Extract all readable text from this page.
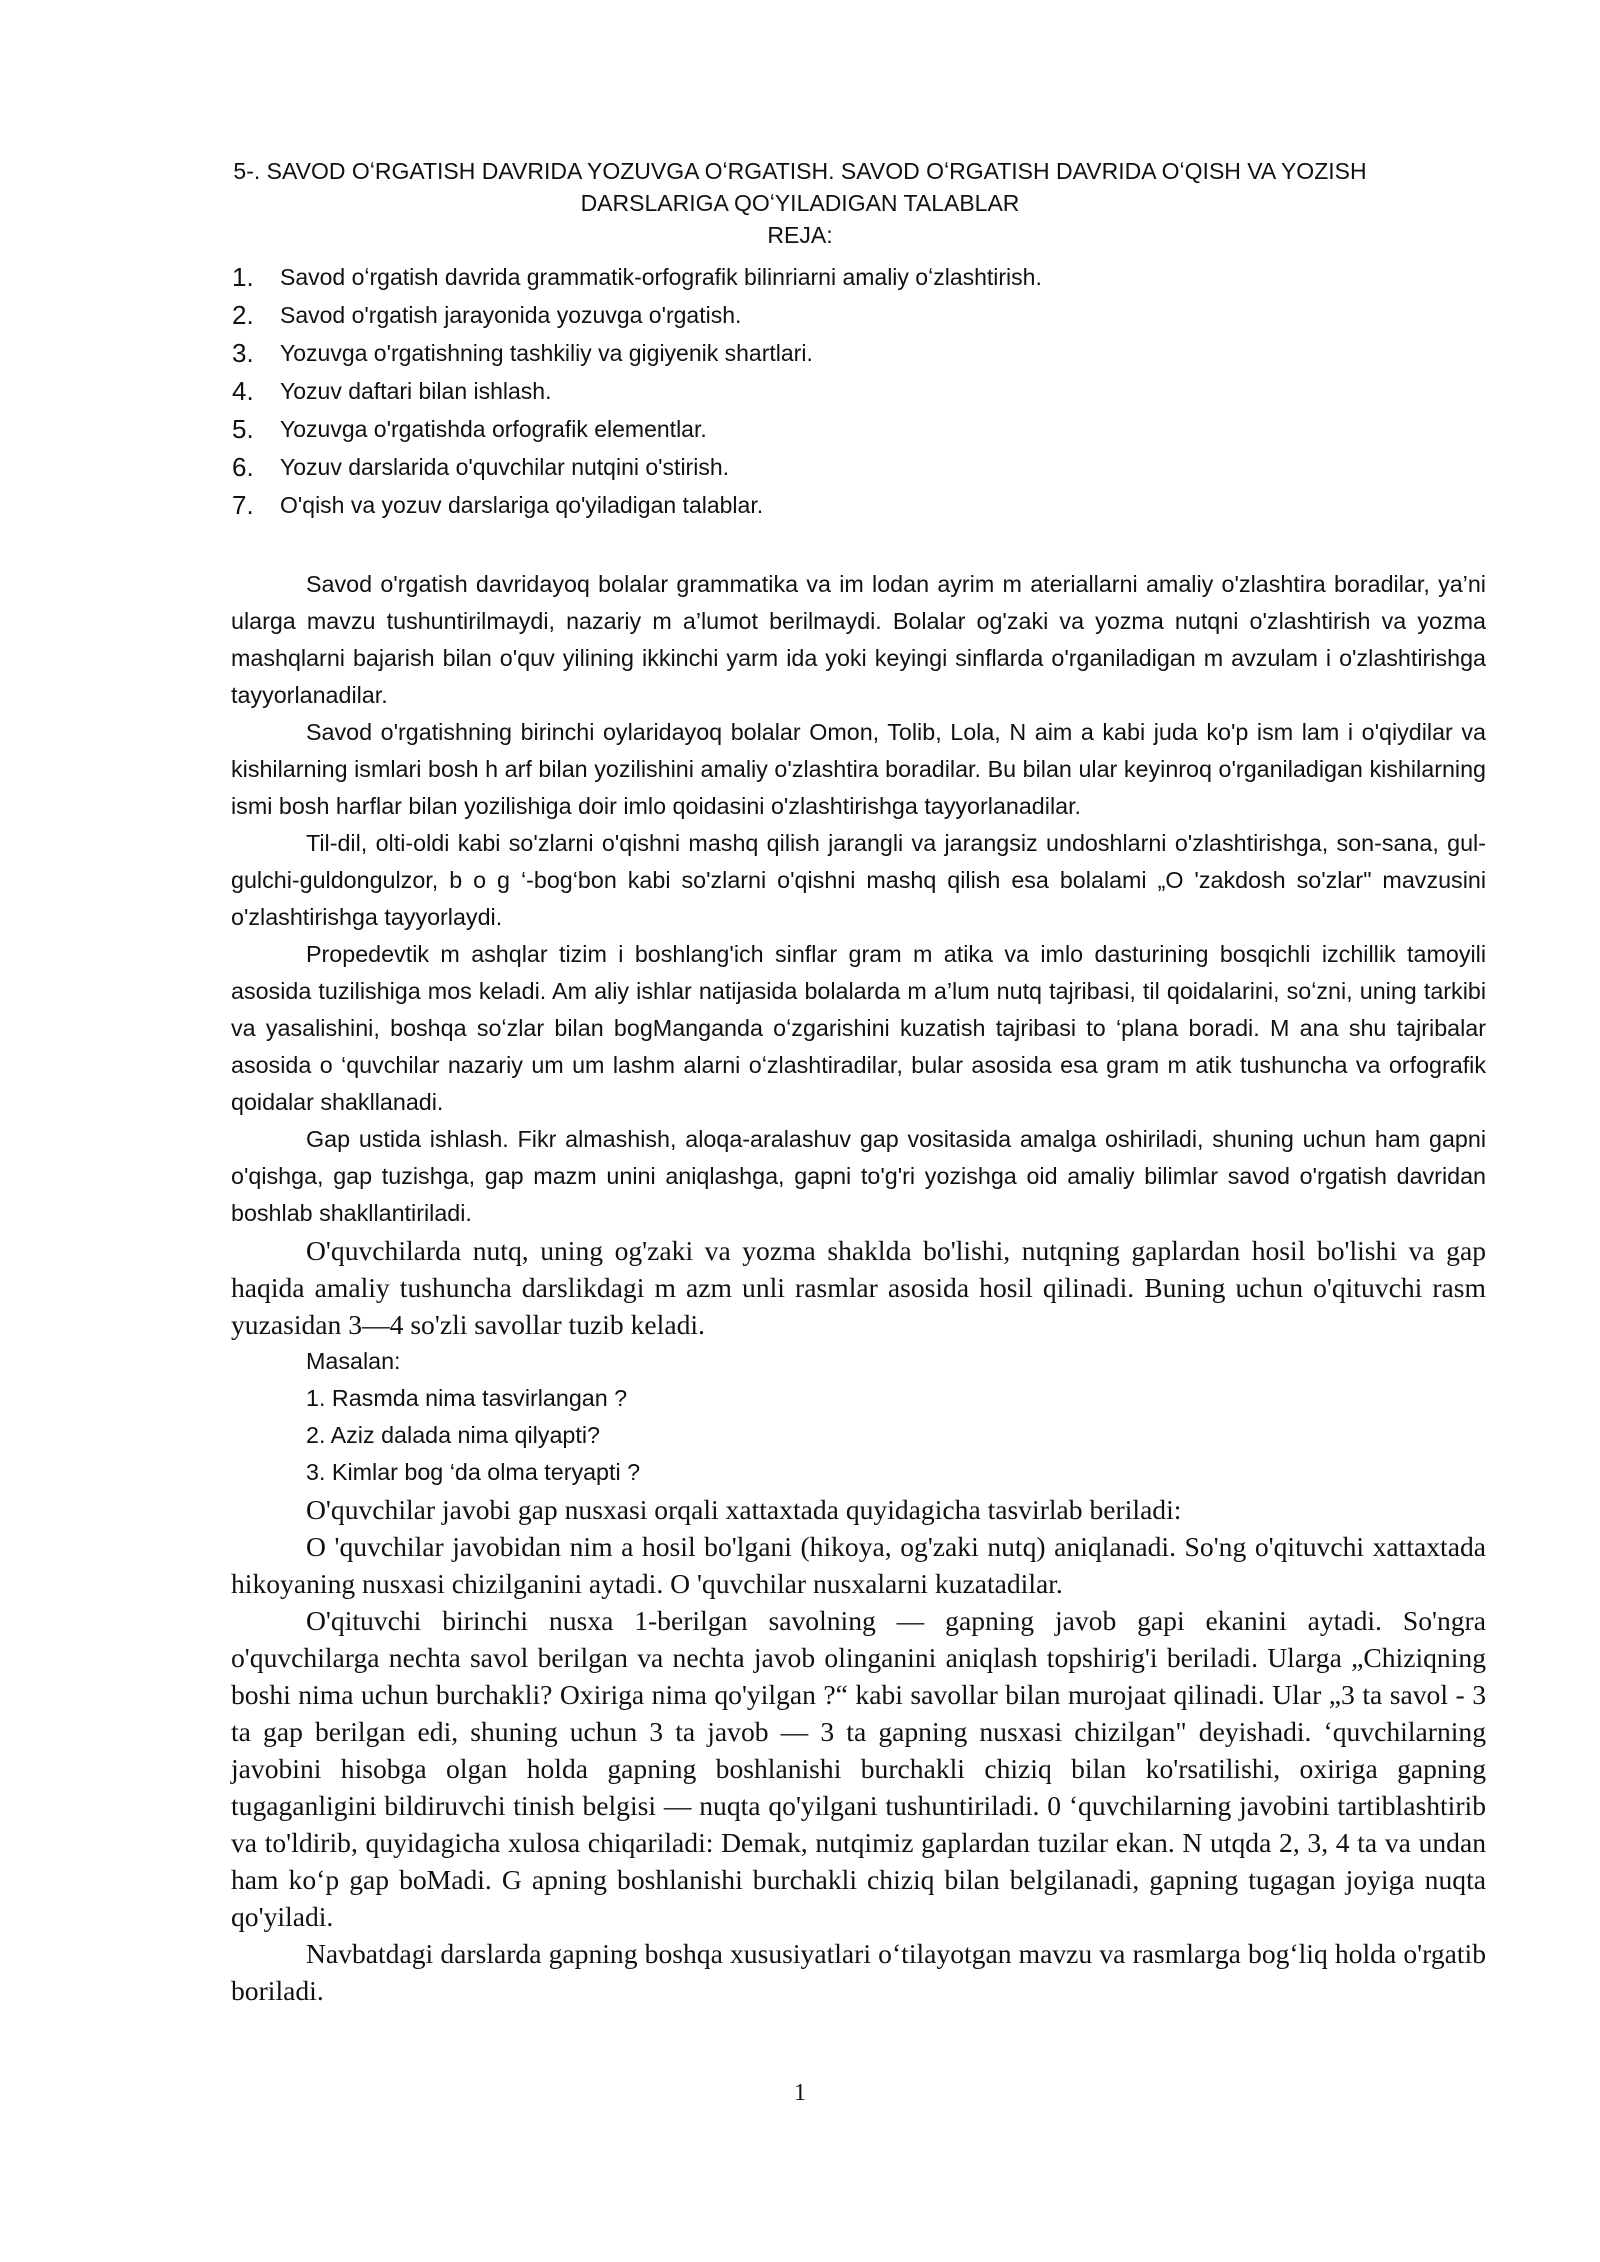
5-. SAVOD OʻRGATISH DAVRIDA YOZUVGA OʻRGATISH. SAVOD OʻRGATISH DAVRIDA OʻQISH VA YOZISH
DARSLARIGA QOʻYILADIGAN TALABLAR
REJA:
1.	Savod oʻrgatish davrida grammatik-orfografik bilinriarni amaliy oʻzlashtirish.
2.	Savod o'rgatish jarayonida yozuvga o'rgatish.
3.	Yozuvga o'rgatishning tashkiliy va gigiyenik shartlari.
4.	Yozuv daftari bilan ishlash.
5.	Yozuvga o'rgatishda orfografik elementlar.
6.	Yozuv darslarida o'quvchilar nutqini o'stirish.
7.	O'qish va yozuv darslariga qo'yiladigan talablar.

Savod o'rgatish davridayoq bolalar grammatika va im lodan ayrim m ateriallarni amaliy o'zlashtira boradilar, ya’ni ularga mavzu tushuntirilmaydi, nazariy m a’lumot berilmaydi. Bolalar og'zaki va yozma nutqni o'zlashtirish va yozma mashqlarni bajarish bilan o'quv yilining ikkinchi yarm ida yoki keyingi sinflarda o'rganiladigan m avzulam i o'zlashtirishga tayyorlanadilar.

Savod o'rgatishning birinchi oylaridayoq bolalar Omon, Tolib, Lola, N aim a kabi juda ko'p ism lam i o'qiydilar va kishilarning ismlari bosh h arf bilan yozilishini amaliy o'zlashtira boradilar. Bu bilan ular keyinroq o'rganiladigan kishilarning ismi bosh harflar bilan yozilishiga doir imlo qoidasini o'zlashtirishga tayyorlanadilar.

Til-dil, olti-oldi kabi so'zlarni o'qishni mashq qilish jarangli va jarangsiz undoshlarni o'zlashtirishga, son-sana, gul-gulchi-guldongulzor, b o g ‘-bog‘bon kabi so'zlarni o'qishni mashq qilish esa bolalami „O 'zakdosh so'zlar" mavzusini o'zlashtirishga tayyorlaydi.

Propedevtik m ashqlar tizim i boshlang'ich sinflar gram m atika va imlo dasturining bosqichli izchillik tamoyili asosida tuzilishiga mos keladi. Am aliy ishlar natijasida bolalarda m a’lum nutq tajribasi, til qoidalarini, soʻzni, uning tarkibi va yasalishini, boshqa soʻzlar bilan bogManganda oʻzgarishini kuzatish tajribasi to ‘plana boradi. M ana shu tajribalar asosida o ‘quvchilar nazariy um um lashm alarni oʻzlashtiradilar, bular asosida esa gram m atik tushuncha va orfografik qoidalar shakllanadi.

Gap ustida ishlash. Fikr almashish, aloqa-aralashuv gap vositasida amalga oshiriladi, shuning uchun ham gapni o'qishga, gap tuzishga, gap mazm unini aniqlashga, gapni to'g'ri yozishga oid amaliy bilimlar savod o'rgatish davridan boshlab shakllantiriladi.

O'quvchilarda nutq, uning og'zaki va yozma shaklda bo'lishi, nutqning gaplardan hosil bo'lishi va gap haqida amaliy tushuncha darslikdagi m azm unli rasmlar asosida hosil qilinadi. Buning uchun o'qituvchi rasm yuzasidan 3—4 so'zli savollar tuzib keladi.

Masalan:

1. Rasmda nima tasvirlangan ?

2. Aziz dalada nima qilyapti?

3. Kimlar bog ‘da olma teryapti ?

O'quvchilar javobi gap nusxasi orqali xattaxtada quyidagicha tasvirlab beriladi:

O 'quvchilar javobidan nim a hosil bo'lgani (hikoya, og'zaki nutq) aniqlanadi. So'ng o'qituvchi xattaxtada hikoyaning nusxasi chizilganini aytadi. O 'quvchilar nusxalarni kuzatadilar.

O'qituvchi birinchi nusxa 1-berilgan savolning — gapning javob gapi ekanini aytadi. So'ngra o'quvchilarga nechta savol berilgan va nechta javob olinganini aniqlash topshirig'i beriladi. Ularga „Chiziqning boshi nima uchun burchakli? Oxiriga nima qo'yilgan ?“ kabi savollar bilan murojaat qilinadi. Ular „3 ta savol - 3 ta gap berilgan edi, shuning uchun 3 ta javob — 3 ta gapning nusxasi chizilgan" deyishadi. ‘quvchilarning javobini hisobga olgan holda gapning boshlanishi burchakli chiziq bilan ko'rsatilishi, oxiriga gapning tugaganligini bildiruvchi tinish belgisi — nuqta qo'yilgani tushuntiriladi. 0 ‘quvchilarning javobini tartiblashtirib va to'ldirib, quyidagicha xulosa chiqariladi: Demak, nutqimiz gaplardan tuzilar ekan. N utqda 2, 3, 4 ta va undan ham koʻp gap boMadi. G apning boshlanishi burchakli chiziq bilan belgilanadi, gapning tugagan joyiga nuqta qo'yiladi.

Navbatdagi darslarda gapning boshqa xususiyatlari oʻtilayotgan mavzu va rasmlarga bogʻliq holda o'rgatib boriladi.

1
